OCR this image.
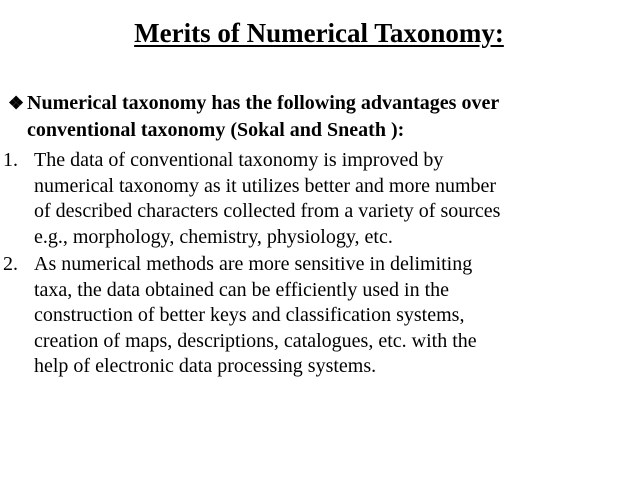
Merits of Numerical Taxonomy:
❖ Numerical taxonomy has the following advantages over
conventional taxonomy (Sokal and Sneath ):
1. The data of conventional taxonomy is improved by
numerical taxonomy as it utilizes better and more number
of described characters collected from a variety of sources
e.g., morphology, chemistry, physiology, etc.
2. As numerical methods are more sensitive in delimiting
taxa, the data obtained can be efficiently used in the
construction of better keys and classification systems,
creation of maps, descriptions, catalogues, etc. with the
help of electronic data processing systems.
